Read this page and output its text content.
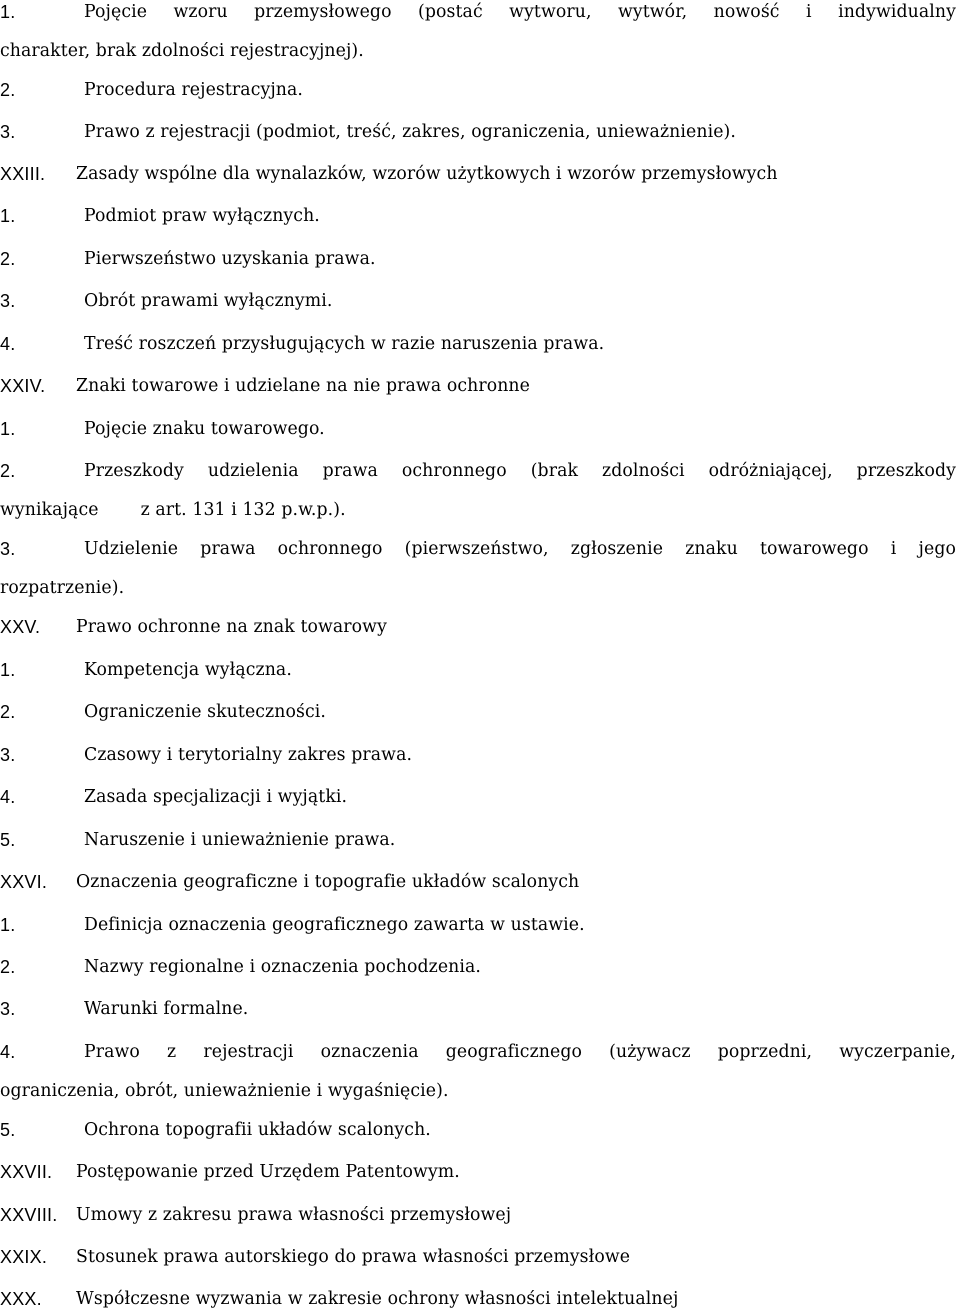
1.	Pojęcie wzoru przemysłowego (postać wytworu, wytwór, nowość i indywidualny
charakter, brak zdolności rejestracyjnej).
2.	Procedura rejestracyjna.
3.	Prawo z rejestracji (podmiot, treść, zakres, ograniczenia, unieważnienie).
XXIII. Zasady wspólne dla wynalazków, wzorów użytkowych i wzorów przemysłowych
1.	Podmiot praw wyłącznych.
2.	Pierwszeństwo uzyskania prawa.
3.	Obrót prawami wyłącznymi.
4.	Treść roszczeń przysługujących w razie naruszenia prawa.
XXIV. Znaki towarowe i udzielane na nie prawa ochronne
1.	Pojęcie znaku towarowego.
2.	Przeszkody udzielenia prawa ochronnego (brak zdolności odróżniającej, przeszkody
wynikające z art. 131 i 132 p.w.p.).
3.	Udzielenie prawa ochronnego (pierwszeństwo, zgłoszenie znaku towarowego i jego
rozpatrzenie).
XXV. Prawo ochronne na znak towarowy
1.	Kompetencja wyłączna.
2.	Ograniczenie skuteczności.
3.	Czasowy i terytorialny zakres prawa.
4.	Zasada specjalizacji i wyjątki.
5.	Naruszenie i unieważnienie prawa.
XXVI. Oznaczenia geograficzne i topografie układów scalonych
1.	Definicja oznaczenia geograficznego zawarta w ustawie.
2.	Nazwy regionalne i oznaczenia pochodzenia.
3.	Warunki formalne.
4.	Prawo z rejestracji oznaczenia geograficznego (używacz poprzedni, wyczerpanie,
ograniczenia, obrót, unieważnienie i wygaśnięcie).
5.	Ochrona topografii układów scalonych.
XXVII. Postępowanie przed Urzędem Patentowym.
XXVIII. Umowy z zakresu prawa własności przemysłowej
XXIX. Stosunek prawa autorskiego do prawa własności przemysłowe
XXX. Współczesne wyzwania w zakresie ochrony własności intelektualnej
